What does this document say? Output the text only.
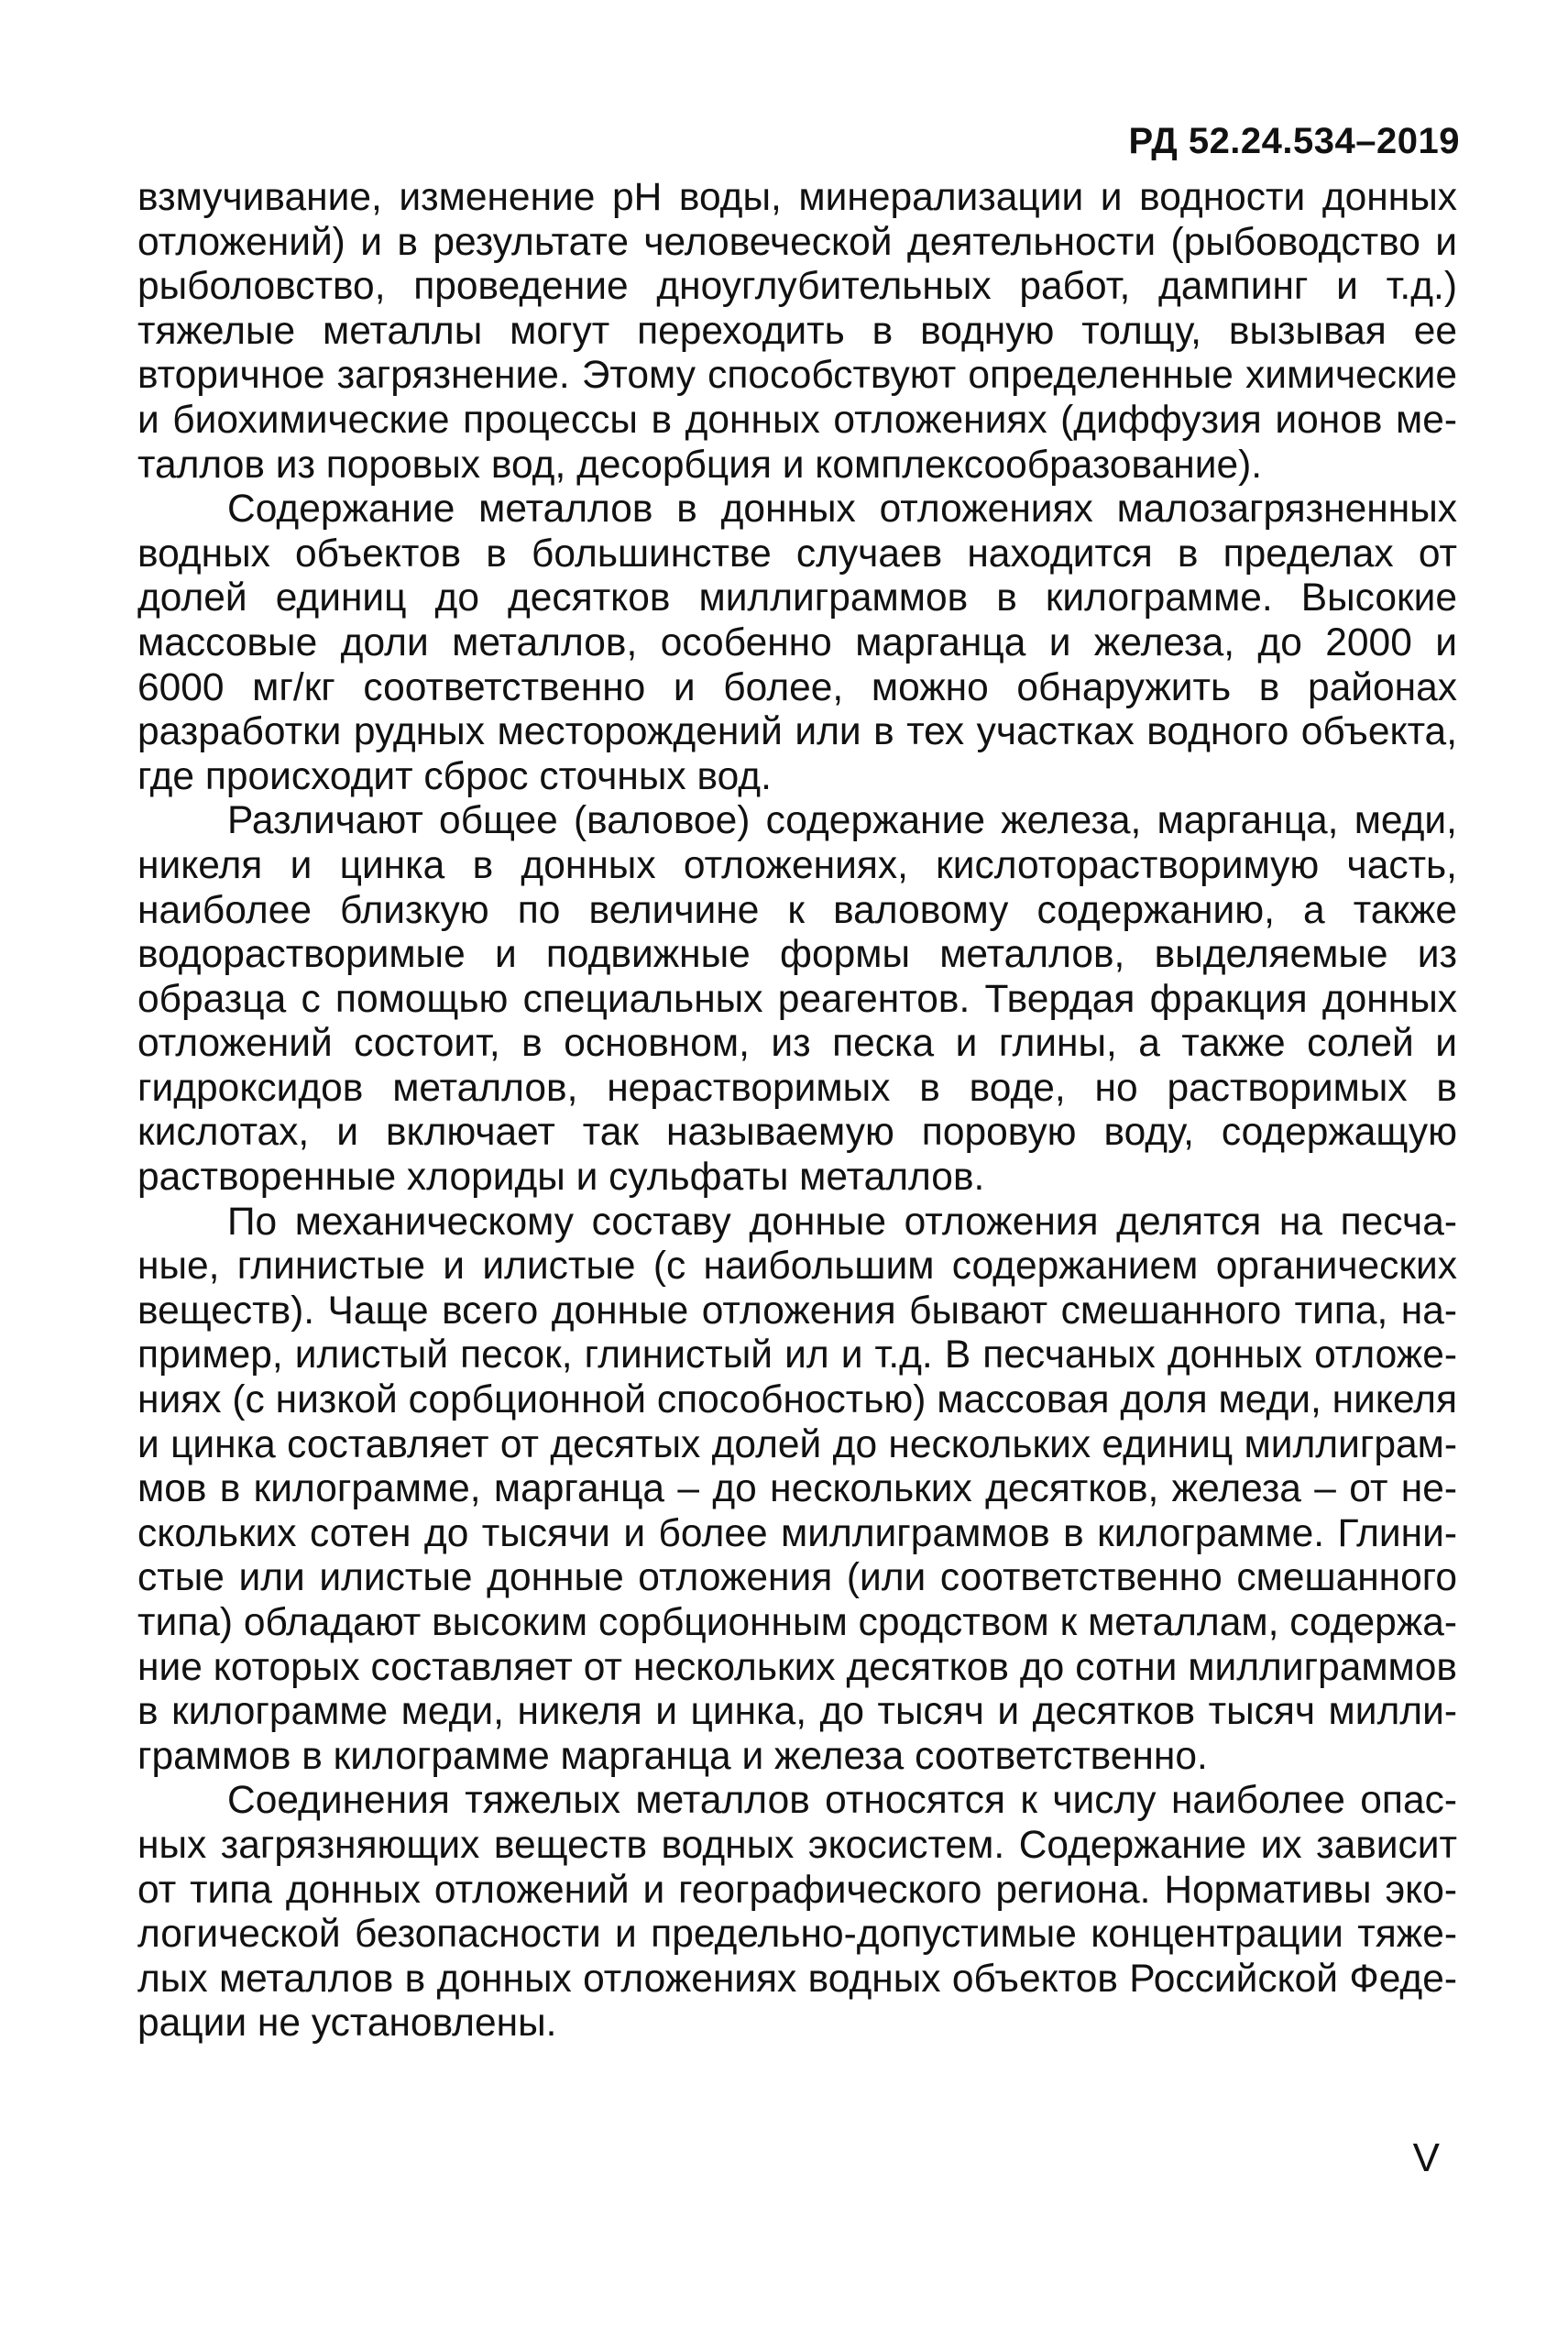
РД 52.24.534–2019

взмучивание, изменение pH воды, минерализации и водности донных отложений) и в результате человеческой деятельности (рыбоводство и рыболовство, проведение дноуглубительных работ, дампинг и т.д.) тяжелые металлы могут переходить в водную толщу, вызывая ее вторичное загрязнение. Этому способствуют определенные химические и биохимические процессы в донных отложениях (диффузия ионов металлов из поровых вод, десорбция и комплексообразование).

Содержание металлов в донных отложениях малозагрязненных водных объектов в большинстве случаев находится в пределах от долей единиц до десятков миллиграммов в килограмме. Высокие массовые доли металлов, особенно марганца и железа, до 2000 и 6000 мг/кг соответственно и более, можно обнаружить в районах разработки рудных месторождений или в тех участках водного объекта, где происходит сброс сточных вод.

Различают общее (валовое) содержание железа, марганца, меди, никеля и цинка в донных отложениях, кислоторастворимую часть, наиболее близкую по величине к валовому содержанию, а также водорастворимые и подвижные формы металлов, выделяемые из образца с помощью специальных реагентов. Твердая фракция донных отложений состоит, в основном, из песка и глины, а также солей и гидроксидов металлов, нерастворимых в воде, но растворимых в кислотах, и включает так называемую поровую воду, содержащую растворенные хлориды и сульфаты металлов.

По механическому составу донные отложения делятся на песчаные, глинистые и илистые (с наибольшим содержанием органических веществ). Чаще всего донные отложения бывают смешанного типа, например, илистый песок, глинистый ил и т.д. В песчаных донных отложениях (с низкой сорбционной способностью) массовая доля меди, никеля и цинка составляет от десятых долей до нескольких единиц миллиграммов в килограмме, марганца – до нескольких десятков, железа – от нескольких сотен до тысячи и более миллиграммов в килограмме. Глинистые или илистые донные отложения (или соответственно смешанного типа) обладают высоким сорбционным сродством к металлам, содержание которых составляет от нескольких десятков до сотни миллиграммов в килограмме меди, никеля и цинка, до тысяч и десятков тысяч миллиграммов в килограмме марганца и железа соответственно.

Соединения тяжелых металлов относятся к числу наиболее опасных загрязняющих веществ водных экосистем. Содержание их зависит от типа донных отложений и географического региона. Нормативы экологической безопасности и предельно-допустимые концентрации тяжелых металлов в донных отложениях водных объектов Российской Федерации не установлены.

V
